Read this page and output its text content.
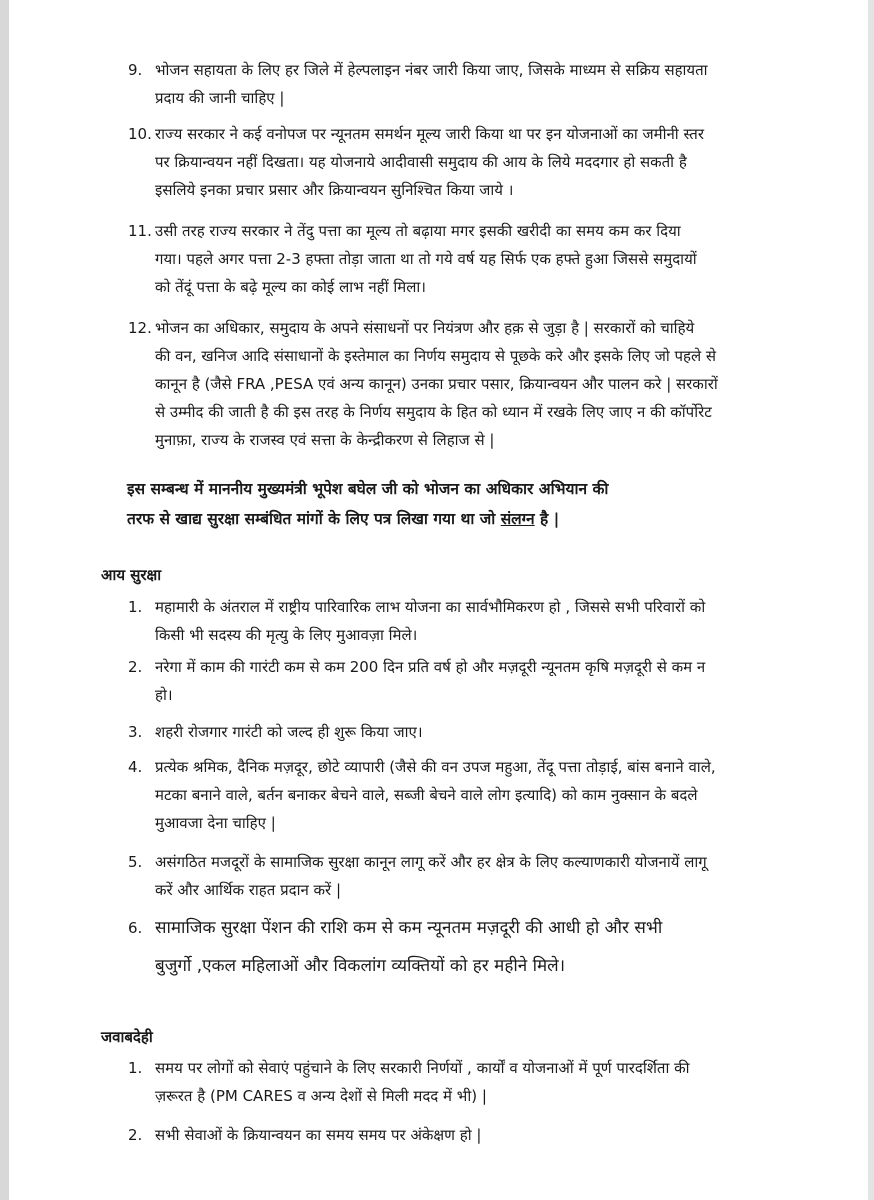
9. भोजन सहायता के लिए हर जिले में हेल्पलाइन नंबर जारी किया जाए, जिसके माध्यम से सक्रिय सहायता
प्रदाय की जानी चाहिए |
10. राज्य सरकार ने कई वनोपज पर न्यूनतम समर्थन मूल्य जारी किया था पर इन योजनाओं का जमीनी स्तर
पर क्रियान्वयन नहीं दिखता। यह योजनाये आदीवासी समुदाय की आय के लिये मददगार हो सकती है
इसलिये इनका प्रचार प्रसार और क्रियान्वयन सुनिश्चित किया जाये ।
11. उसी तरह राज्य सरकार ने तेंदु पत्ता का मूल्य तो बढ़ाया मगर इसकी खरीदी का समय कम कर दिया
गया। पहले अगर पत्ता 2-3 हफ्ता तोड़ा जाता था तो गये वर्ष यह सिर्फ एक हफ्ते हुआ जिससे समुदायों
को तेंदूं पत्ता के बढ़े मूल्य का कोई लाभ नहीं मिला।
12. भोजन का अधिकार, समुदाय के अपने संसाधनों पर नियंत्रण और हक़ से जुड़ा है | सरकारों को चाहिये
की वन, खनिज आदि संसाधानों के इस्तेमाल का निर्णय समुदाय से पूछके करे और इसके लिए जो पहले से
कानून है (जैसे FRA ,PESA एवं अन्य कानून) उनका प्रचार पसार, क्रियान्वयन और पालन करे | सरकारों
से उम्मीद की जाती है की इस तरह के निर्णय समुदाय के हित को ध्यान में रखके लिए जाए न की कॉर्पोरेट
मुनाफ़ा, राज्य के राजस्व एवं सत्ता के केन्द्रीकरण से लिहाज से |
इस सम्बन्ध में माननीय मुख्यमंत्री भूपेश बघेल जी को भोजन का अधिकार अभियान की
तरफ से खाद्य सुरक्षा सम्बंधित मांगों के लिए पत्र लिखा गया था जो संलग्न है |
आय सुरक्षा
1. महामारी के अंतराल में राष्ट्रीय पारिवारिक लाभ योजना का सार्वभौमिकरण हो , जिससे सभी परिवारों को
किसी भी सदस्य की मृत्यु के लिए मुआवज़ा मिले।
2. नरेगा में काम की गारंटी कम से कम 200 दिन प्रति वर्ष हो और मज़दूरी न्यूनतम कृषि मज़दूरी से कम न
हो।
3. शहरी रोजगार गारंटी को जल्द ही शुरू किया जाए।
4. प्रत्येक श्रमिक, दैनिक मज़दूर, छोटे व्यापारी (जैसे की वन उपज महुआ, तेंदू पत्ता तोड़ाई, बांस बनाने वाले,
मटका बनाने वाले, बर्तन बनाकर बेचने वाले, सब्जी बेचने वाले लोग इत्यादि) को काम नुक्सान के बदले
मुआवजा देना चाहिए |
5. असंगठित मजदूरों के सामाजिक सुरक्षा कानून लागू करें और हर क्षेत्र के लिए कल्याणकारी योजनायें लागू
करें और आर्थिक राहत प्रदान करें |
6. सामाजिक सुरक्षा पेंशन की राशि कम से कम न्यूनतम मज़दूरी की आधी हो और सभी
बुजुर्गो ,एकल महिलाओं और विकलांग व्यक्तियों को हर महीने मिले।
जवाबदेही
1. समय पर लोगों को सेवाएं पहुंचाने के लिए सरकारी निर्णयों , कार्यों व योजनाओं में पूर्ण पारदर्शिता की
ज़रूरत है (PM CARES व अन्य देशों से मिली मदद में भी) |
2. सभी सेवाओं के क्रियान्वयन का समय समय पर अंकेक्षण हो |
